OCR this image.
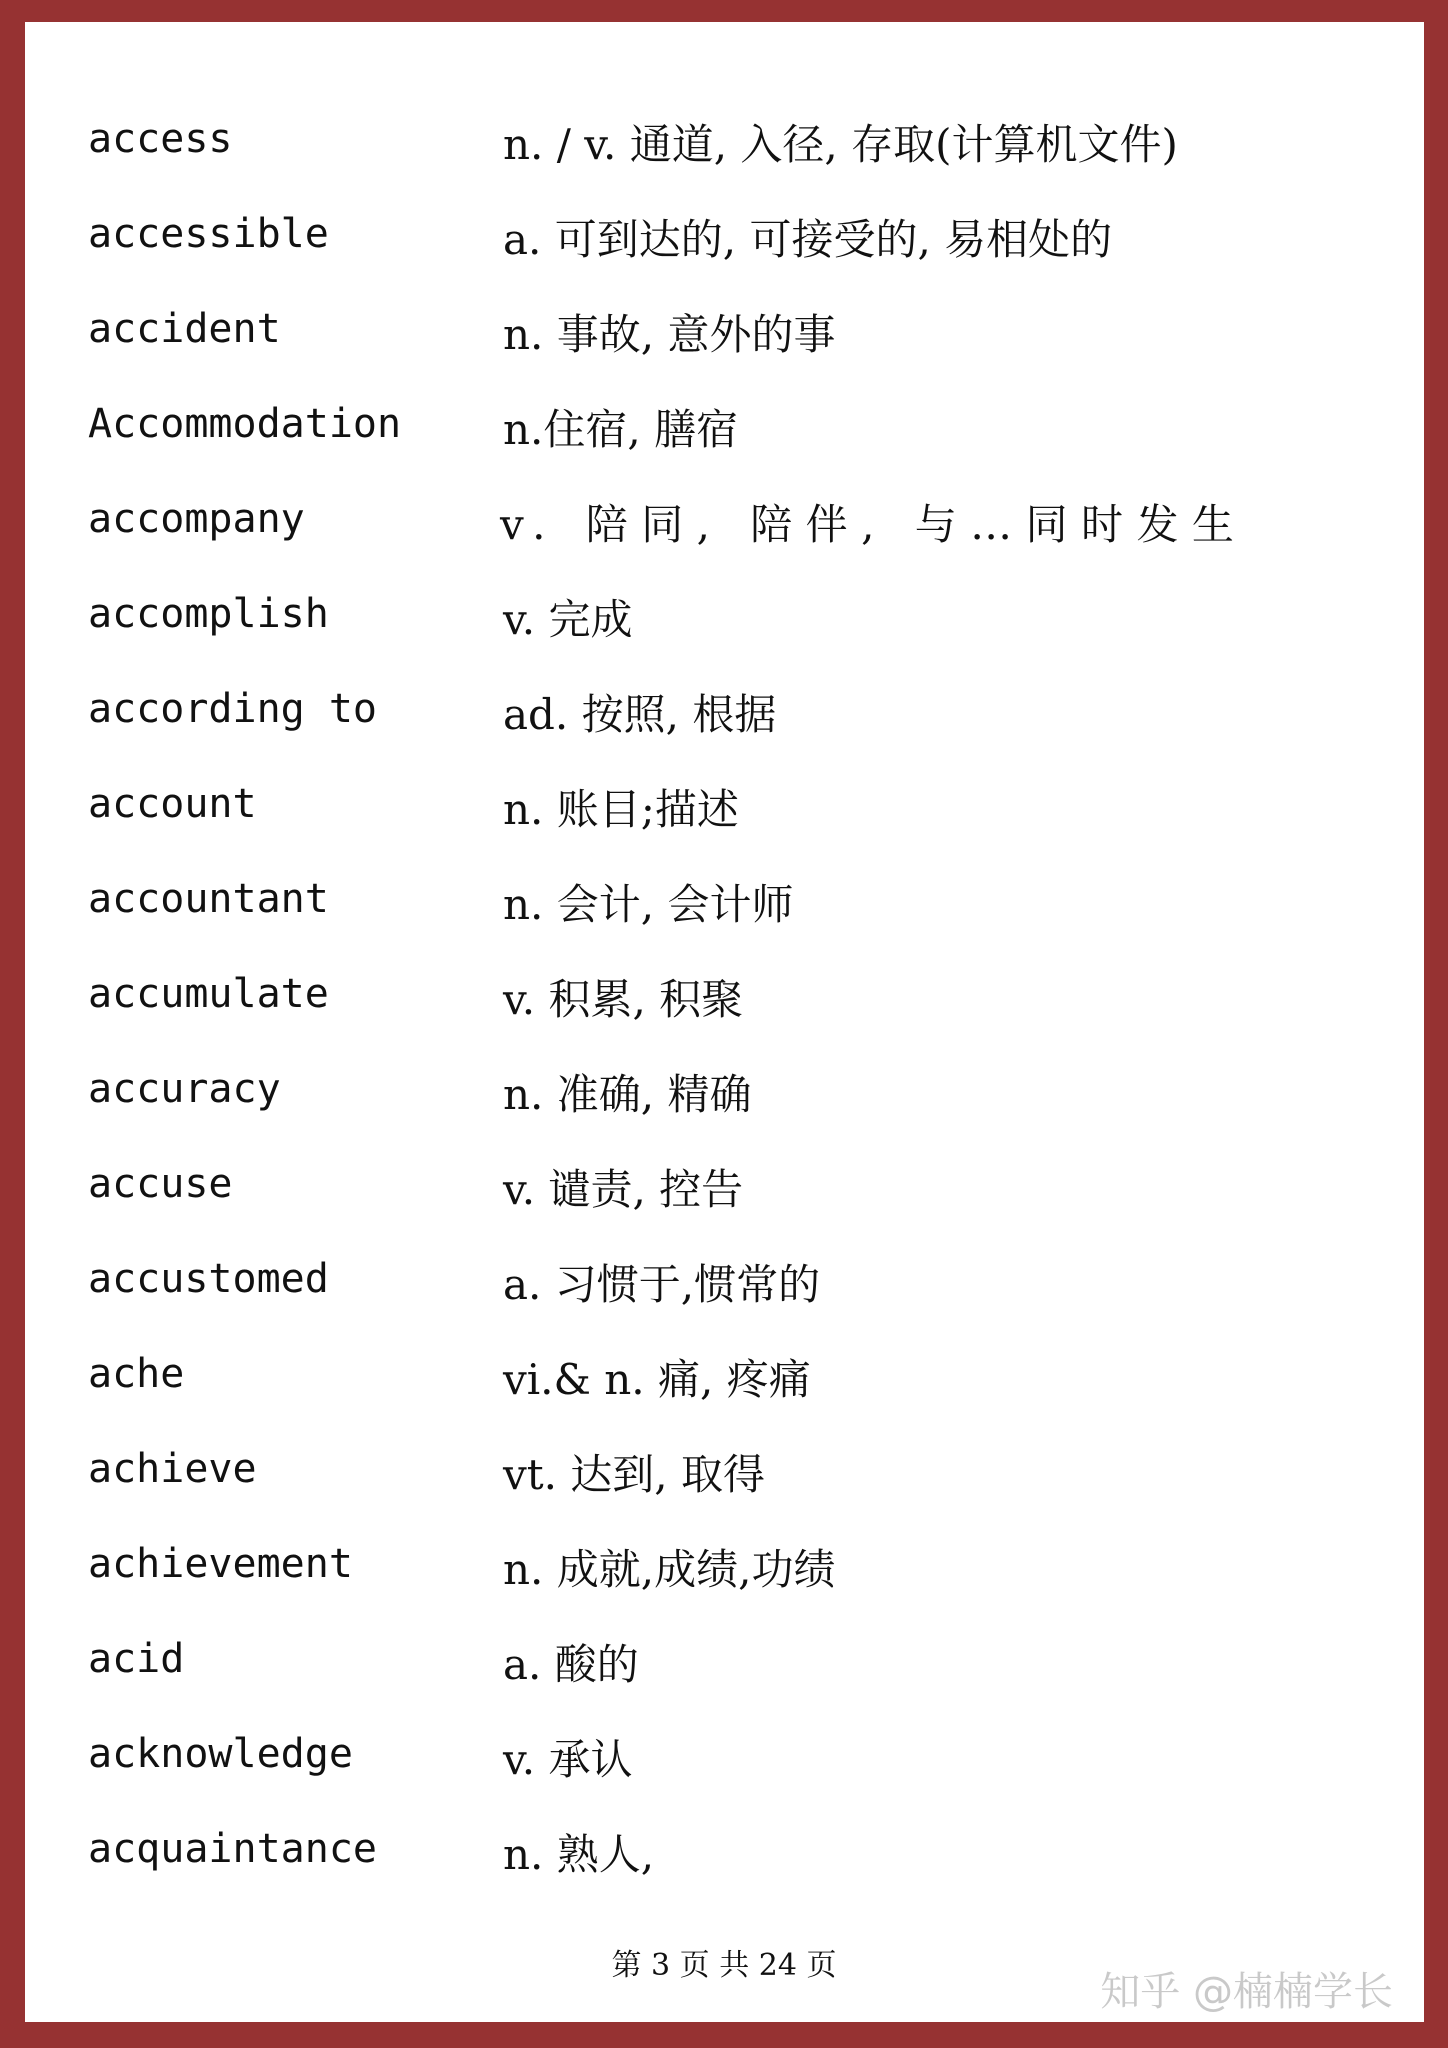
access	n. / v. 通道, 入径, 存取(计算机文件)
accessible	a. 可到达的, 可接受的, 易相处的
accident	n. 事故, 意外的事
Accommodation n.住宿, 膳宿
accompany	v. 陪同, 陪伴, 与…同时发生
accomplish	v. 完成
according to	ad. 按照, 根据
account	n. 账目;描述
accountant	n. 会计, 会计师
accumulate	v. 积累, 积聚
accuracy	n. 准确, 精确
accuse	v. 谴责, 控告
accustomed	a. 习惯于,惯常的
ache	vi.& n. 痛, 疼痛
achieve	vt. 达到, 取得
achievement	n. 成就,成绩,功绩
acid	a. 酸的
acknowledge	v. 承认
acquaintance	n. 熟人,
第 3 页 共 24 页
知乎 @楠楠学长
